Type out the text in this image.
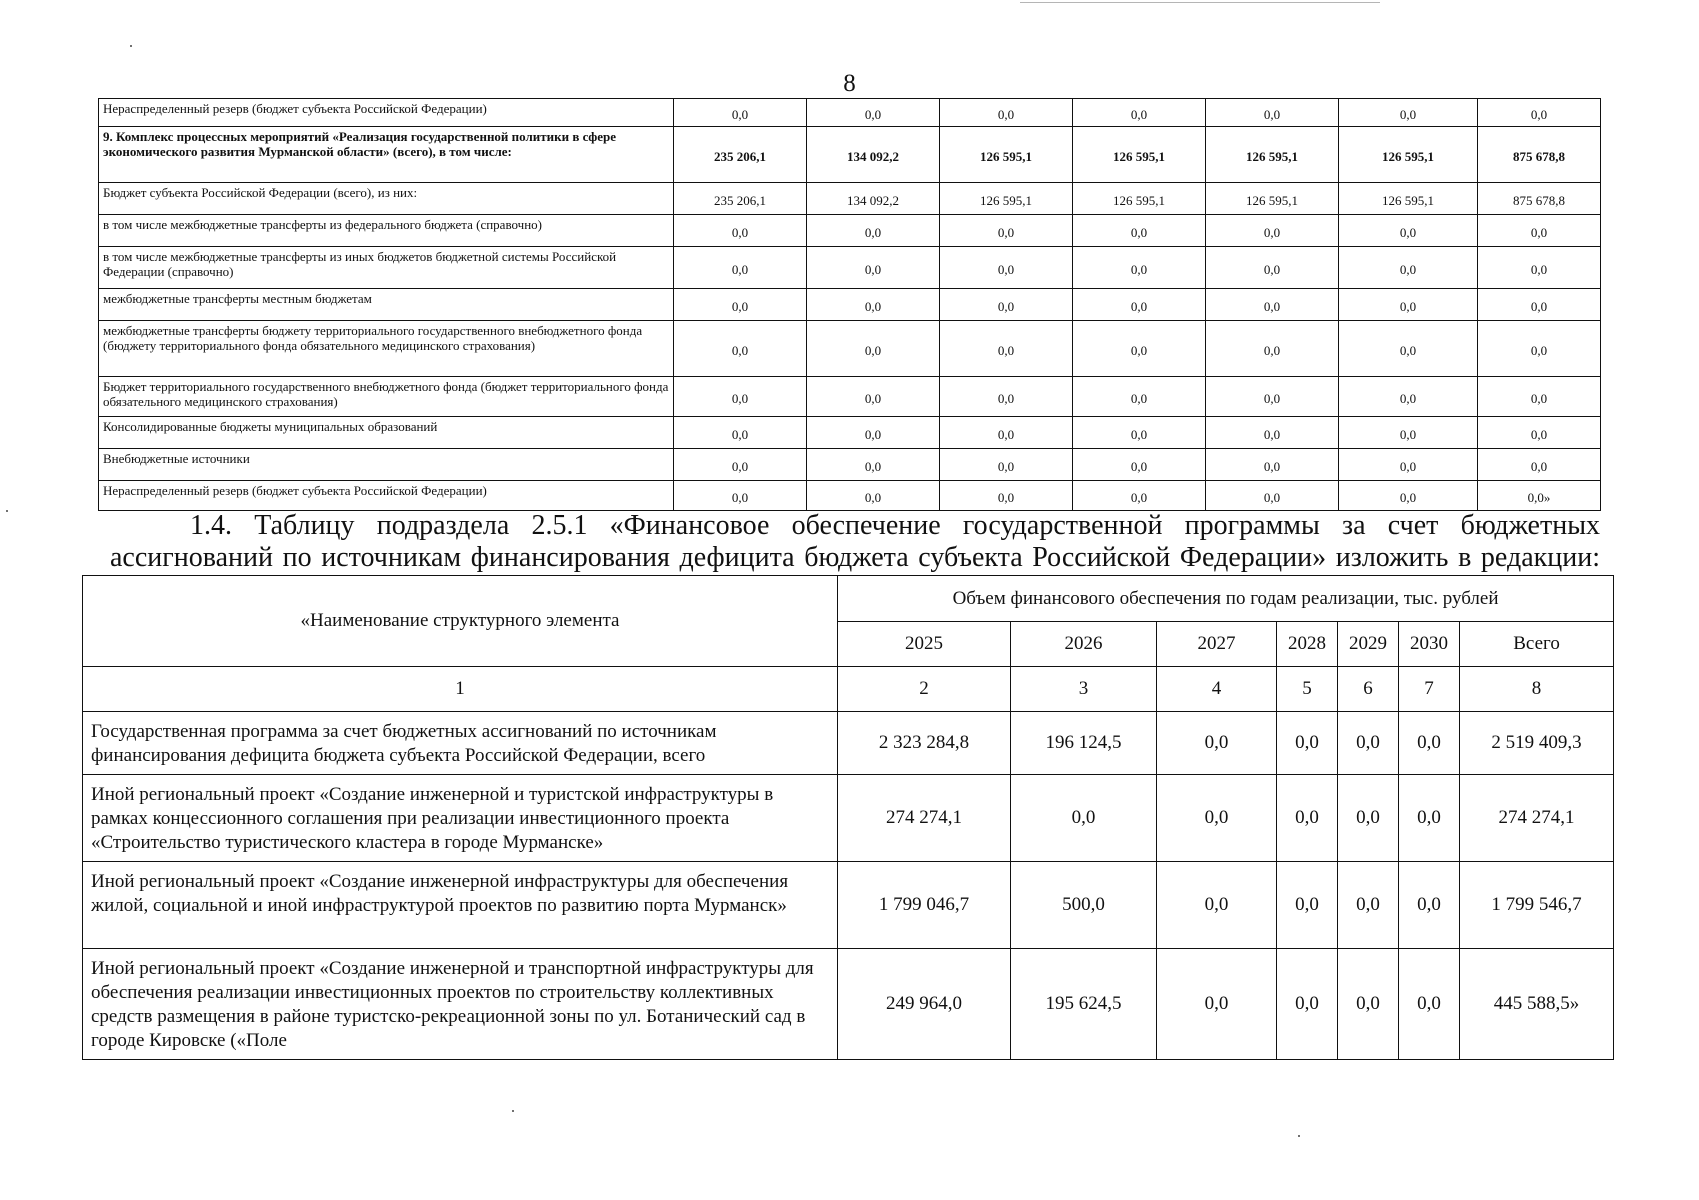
8
Нераспределенный резерв (бюджет субъекта Российской Федерации)	0,0	0,0	0,0	0,0	0,0	0,0	0,0
9. Комплекс процессных мероприятий «Реализация государственной политики в сфере экономического развития Мурманской области» (всего), в том числе:	235 206,1	134 092,2	126 595,1	126 595,1	126 595,1	126 595,1	875 678,8
Бюджет субъекта Российской Федерации (всего), из них:	235 206,1	134 092,2	126 595,1	126 595,1	126 595,1	126 595,1	875 678,8
в том числе межбюджетные трансферты из федерального бюджета (справочно)	0,0	0,0	0,0	0,0	0,0	0,0	0,0
в том числе межбюджетные трансферты из иных бюджетов бюджетной системы Российской Федерации (справочно)	0,0	0,0	0,0	0,0	0,0	0,0	0,0
межбюджетные трансферты местным бюджетам	0,0	0,0	0,0	0,0	0,0	0,0	0,0
межбюджетные трансферты бюджету территориального государственного внебюджетного фонда (бюджету территориального фонда обязательного медицинского страхования)	0,0	0,0	0,0	0,0	0,0	0,0	0,0
Бюджет территориального государственного внебюджетного фонда (бюджет территориального фонда обязательного медицинского страхования)	0,0	0,0	0,0	0,0	0,0	0,0	0,0
Консолидированные бюджеты муниципальных образований	0,0	0,0	0,0	0,0	0,0	0,0	0,0
Внебюджетные источники	0,0	0,0	0,0	0,0	0,0	0,0	0,0
Нераспределенный резерв (бюджет субъекта Российской Федерации)	0,0	0,0	0,0	0,0	0,0	0,0	0,0»
1.4. Таблицу подраздела 2.5.1 «Финансовое обеспечение государственной программы за счет бюджетных
ассигнований по источникам финансирования дефицита бюджета субъекта Российской Федерации» изложить в редакции:
«Наименование структурного элемента	Объем финансового обеспечения по годам реализации, тыс. рублей						
	2025	2026	2027	2028	2029	2030	Всего
1	2	3	4	5	6	7	8
Государственная программа за счет бюджетных ассигнований по источникам финансирования дефицита бюджета субъекта Российской Федерации, всего	2 323 284,8	196 124,5	0,0	0,0	0,0	0,0	2 519 409,3
Иной региональный проект «Создание инженерной и туристской инфраструктуры в рамках концессионного соглашения при реализации инвестиционного проекта «Строительство туристического кластера в городе Мурманске»	274 274,1	0,0	0,0	0,0	0,0	0,0	274 274,1
Иной региональный проект «Создание инженерной инфраструктуры для обеспечения жилой, социальной и иной инфраструктурой проектов по развитию порта Мурманск»	1 799 046,7	500,0	0,0	0,0	0,0	0,0	1 799 546,7
Иной региональный проект «Создание инженерной и транспортной инфраструктуры для обеспечения реализации инвестиционных проектов по строительству коллективных средств размещения в районе туристско-рекреационной зоны по ул. Ботанический сад в городе Кировске («Поле	249 964,0	195 624,5	0,0	0,0	0,0	0,0	445 588,5»
